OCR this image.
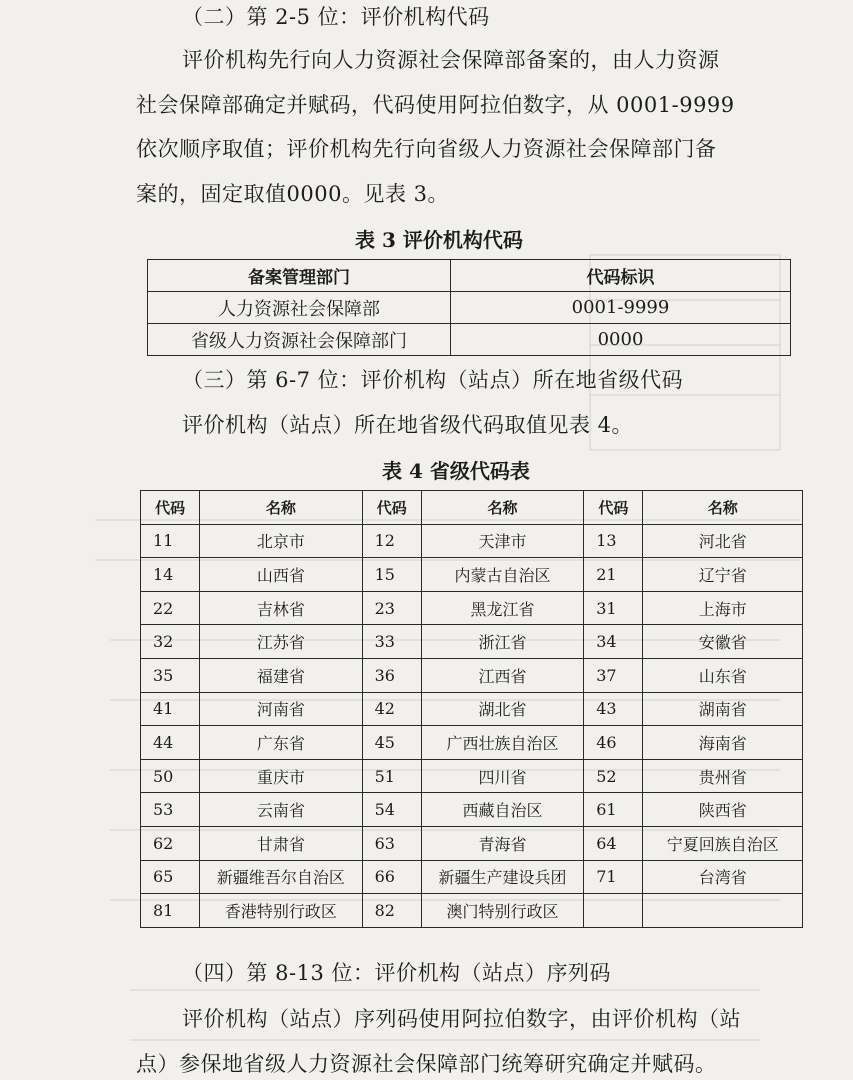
（二）第 2-5 位：评价机构代码
评价机构先行向人力资源社会保障部备案的，由人力资源
社会保障部确定并赋码，代码使用阿拉伯数字，从 0001-9999
依次顺序取值；评价机构先行向省级人力资源社会保障部门备
案的，固定取值0000。见表 3。
表 3 评价机构代码
备案管理部门	代码标识
人力资源社会保障部	0001-9999
省级人力资源社会保障部门	0000
（三）第 6-7 位：评价机构（站点）所在地省级代码
评价机构（站点）所在地省级代码取值见表 4。
表 4 省级代码表
代码	名称	代码	名称	代码	名称
11	北京市	12	天津市	13	河北省
14	山西省	15	内蒙古自治区	21	辽宁省
22	吉林省	23	黑龙江省	31	上海市
32	江苏省	33	浙江省	34	安徽省
35	福建省	36	江西省	37	山东省
41	河南省	42	湖北省	43	湖南省
44	广东省	45	广西壮族自治区	46	海南省
50	重庆市	51	四川省	52	贵州省
53	云南省	54	西藏自治区	61	陕西省
62	甘肃省	63	青海省	64	宁夏回族自治区
65	新疆维吾尔自治区	66	新疆生产建设兵团	71	台湾省
81	香港特别行政区	82	澳门特别行政区		
（四）第 8-13 位：评价机构（站点）序列码
评价机构（站点）序列码使用阿拉伯数字，由评价机构（站
点）参保地省级人力资源社会保障部门统筹研究确定并赋码。
